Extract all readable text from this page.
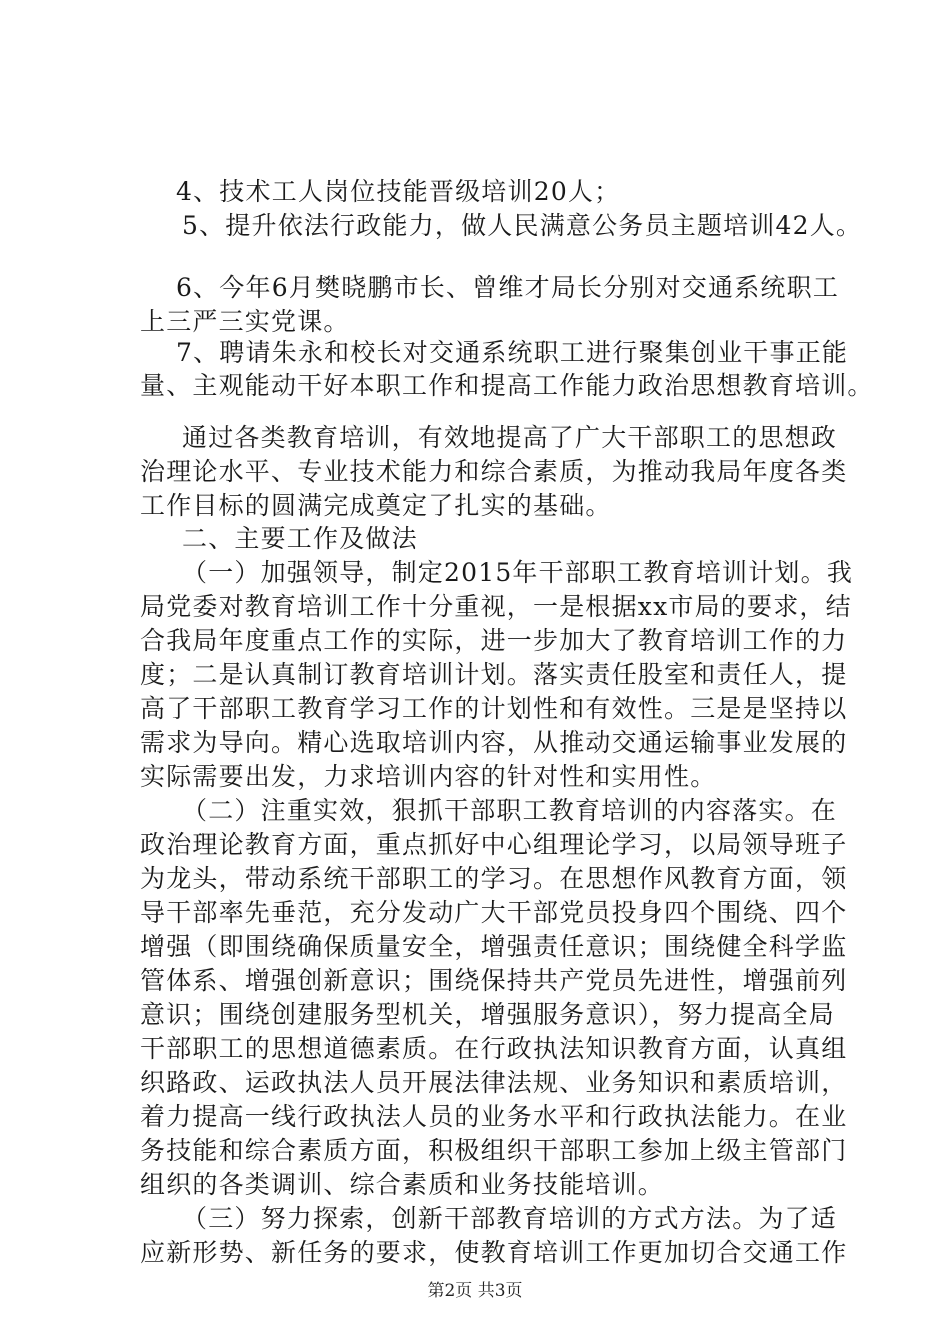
4、技术工人岗位技能晋级培训20人；
5、提升依法行政能力，做人民满意公务员主题培训42人。
6、今年6月樊晓鹏市长、曾维才局长分别对交通系统职工
上三严三实党课。
7、聘请朱永和校长对交通系统职工进行聚集创业干事正能
量、主观能动干好本职工作和提高工作能力政治思想教育培训。
通过各类教育培训，有效地提高了广大干部职工的思想政
治理论水平、专业技术能力和综合素质，为推动我局年度各类
工作目标的圆满完成奠定了扎实的基础。
二、主要工作及做法
（一）加强领导，制定2015年干部职工教育培训计划。我
局党委对教育培训工作十分重视，一是根据xx市局的要求，结
合我局年度重点工作的实际，进一步加大了教育培训工作的力
度；二是认真制订教育培训计划。落实责任股室和责任人，提
高了干部职工教育学习工作的计划性和有效性。三是是坚持以
需求为导向。精心选取培训内容，从推动交通运输事业发展的
实际需要出发，力求培训内容的针对性和实用性。
（二）注重实效，狠抓干部职工教育培训的内容落实。在
政治理论教育方面，重点抓好中心组理论学习，以局领导班子
为龙头，带动系统干部职工的学习。在思想作风教育方面，领
导干部率先垂范，充分发动广大干部党员投身四个围绕、四个
增强（即围绕确保质量安全，增强责任意识；围绕健全科学监
管体系、增强创新意识；围绕保持共产党员先进性，增强前列
意识；围绕创建服务型机关，增强服务意识），努力提高全局
干部职工的思想道德素质。在行政执法知识教育方面，认真组
织路政、运政执法人员开展法律法规、业务知识和素质培训，
着力提高一线行政执法人员的业务水平和行政执法能力。在业
务技能和综合素质方面，积极组织干部职工参加上级主管部门
组织的各类调训、综合素质和业务技能培训。
（三）努力探索，创新干部教育培训的方式方法。为了适
应新形势、新任务的要求，使教育培训工作更加切合交通工作
第2页 共3页
